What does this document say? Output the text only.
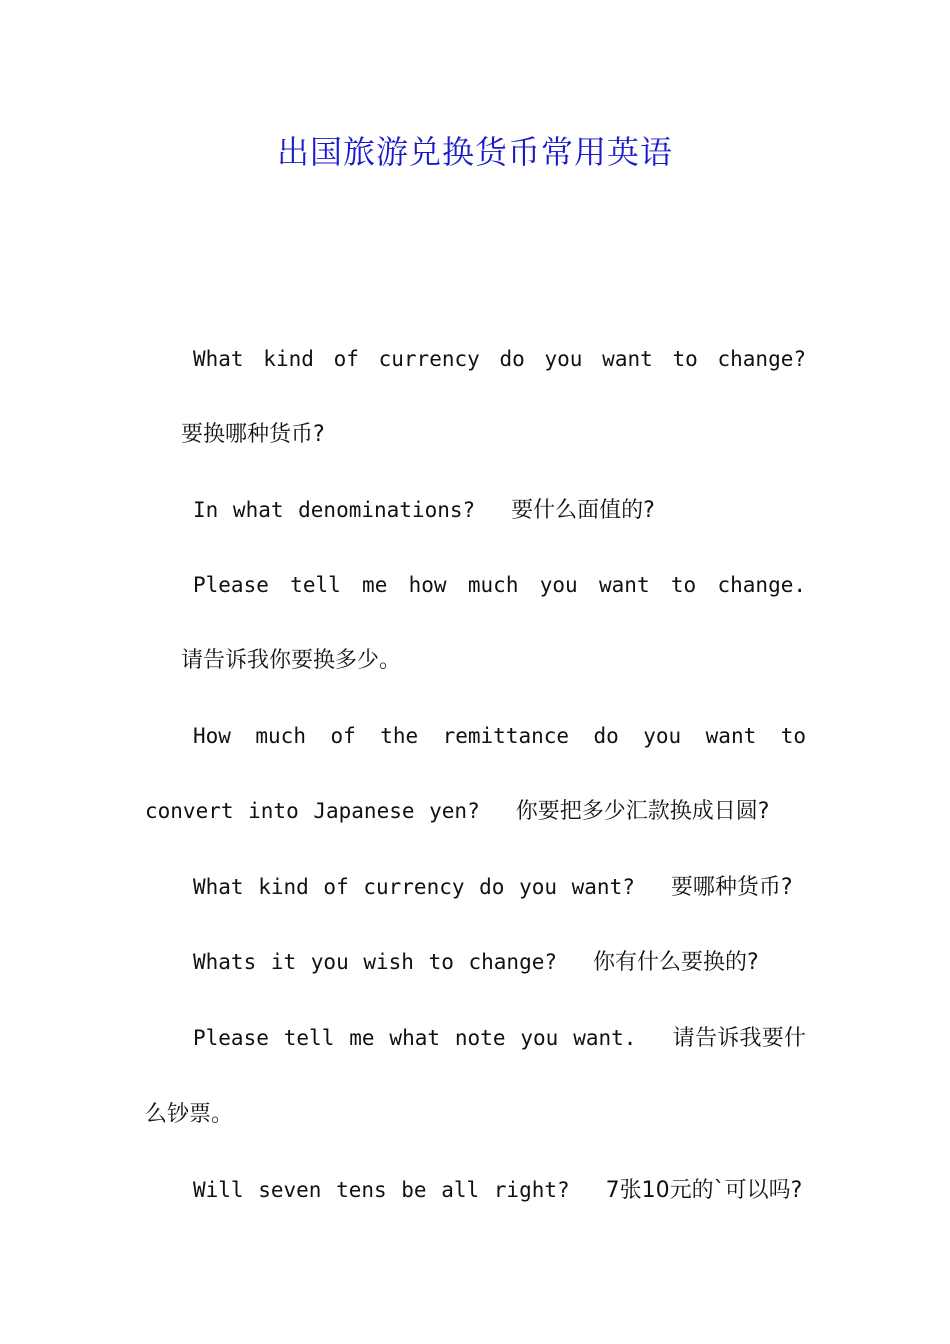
出国旅游兑换货币常用英语

What kind of currency do you want to change?要换哪种货币?

In what denominations? 要什么面值的?

Please tell me how much you want to change.请告诉我你要换多少。

How much of the remittance do you want to convert into Japanese yen? 你要把多少汇款换成日圆?

What kind of currency do you want? 要哪种货币?

Whats it you wish to change? 你有什么要换的?

Please tell me what note you want. 请告诉我要什么钞票。

Will seven tens be all right? 7张10元的`可以吗?
